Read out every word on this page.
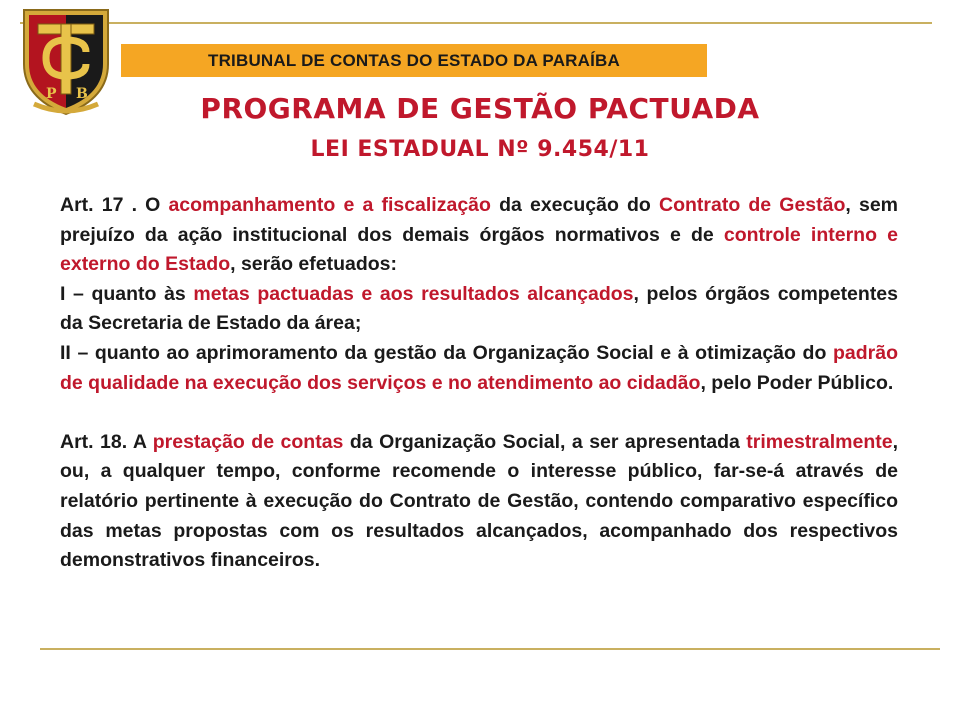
P B
TRIBUNAL DE CONTAS DO ESTADO DA PARAÍBA
PROGRAMA DE GESTÃO PACTUADA
LEI ESTADUAL Nº 9.454/11

Art. 17 . O acompanhamento e a fiscalização da execução do Contrato de Gestão, sem prejuízo da ação institucional dos demais órgãos normativos e de controle interno e externo do Estado, serão efetuados:

I – quanto às metas pactuadas e aos resultados alcançados, pelos órgãos competentes da Secretaria de Estado da área;

II – quanto ao aprimoramento da gestão da Organização Social e à otimização do padrão de qualidade na execução dos serviços e no atendimento ao cidadão, pelo Poder Público.

Art. 18. A prestação de contas da Organização Social, a ser apresentada trimestralmente, ou, a qualquer tempo, conforme recomende o interesse público, far-se-á através de relatório pertinente à execução do Contrato de Gestão, contendo comparativo específico das metas propostas com os resultados alcançados, acompanhado dos respectivos demonstrativos financeiros.
